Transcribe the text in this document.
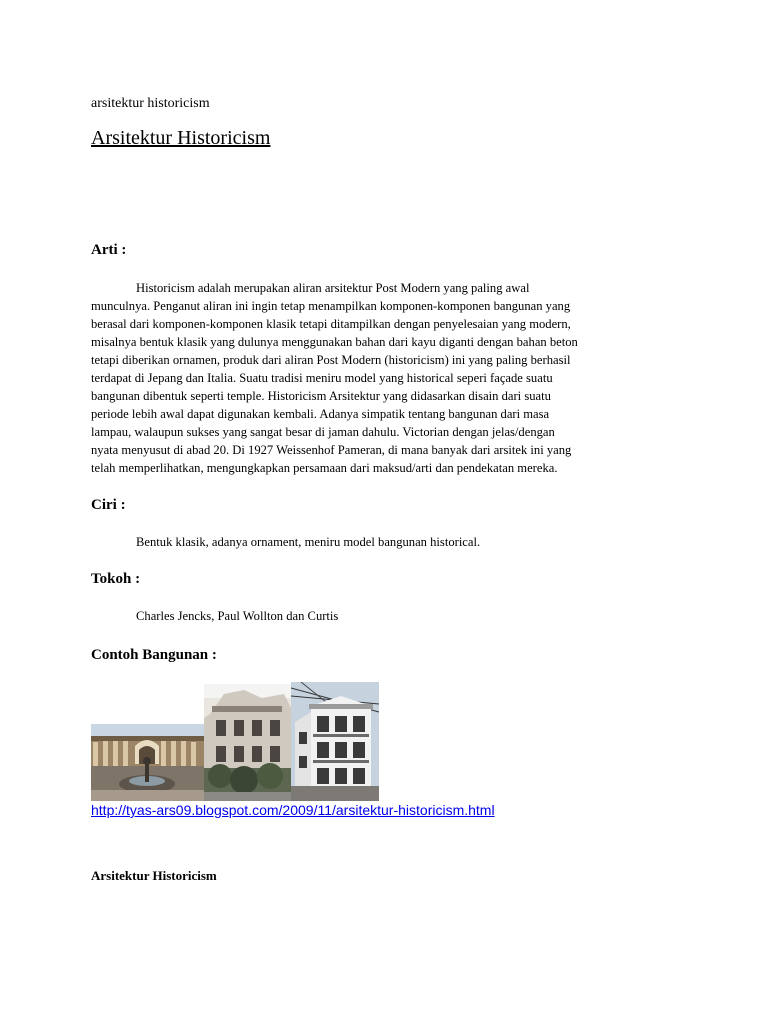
arsitektur historicism
Arsitektur Historicism
Arti :
Historicism adalah merupakan aliran arsitektur Post Modern yang paling awal
munculnya. Penganut aliran ini ingin tetap menampilkan komponen-komponen bangunan yang
berasal dari komponen-komponen klasik tetapi ditampilkan dengan penyelesaian yang modern,
misalnya bentuk klasik yang dulunya menggunakan bahan dari kayu diganti dengan bahan beton
tetapi diberikan ornamen, produk dari aliran Post Modern (historicism) ini yang paling berhasil
terdapat di Jepang dan Italia. Suatu tradisi meniru model yang historical seperi façade suatu
bangunan dibentuk seperti temple. Historicism Arsitektur yang didasarkan disain dari suatu
periode lebih awal dapat digunakan kembali. Adanya simpatik tentang bangunan dari masa
lampau, walaupun sukses yang sangat besar di jaman dahulu. Victorian dengan jelas/dengan
nyata menyusut di abad 20. Di 1927 Weissenhof Pameran, di mana banyak dari arsitek ini yang
telah memperlihatkan, mengungkapkan persamaan dari maksud/arti dan pendekatan mereka.
Ciri :
Bentuk klasik, adanya ornament, meniru model bangunan historical.
Tokoh :
Charles Jencks, Paul Wollton dan Curtis
Contoh Bangunan :
http://tyas-ars09.blogspot.com/2009/11/arsitektur-historicism.html
Arsitektur Historicism
